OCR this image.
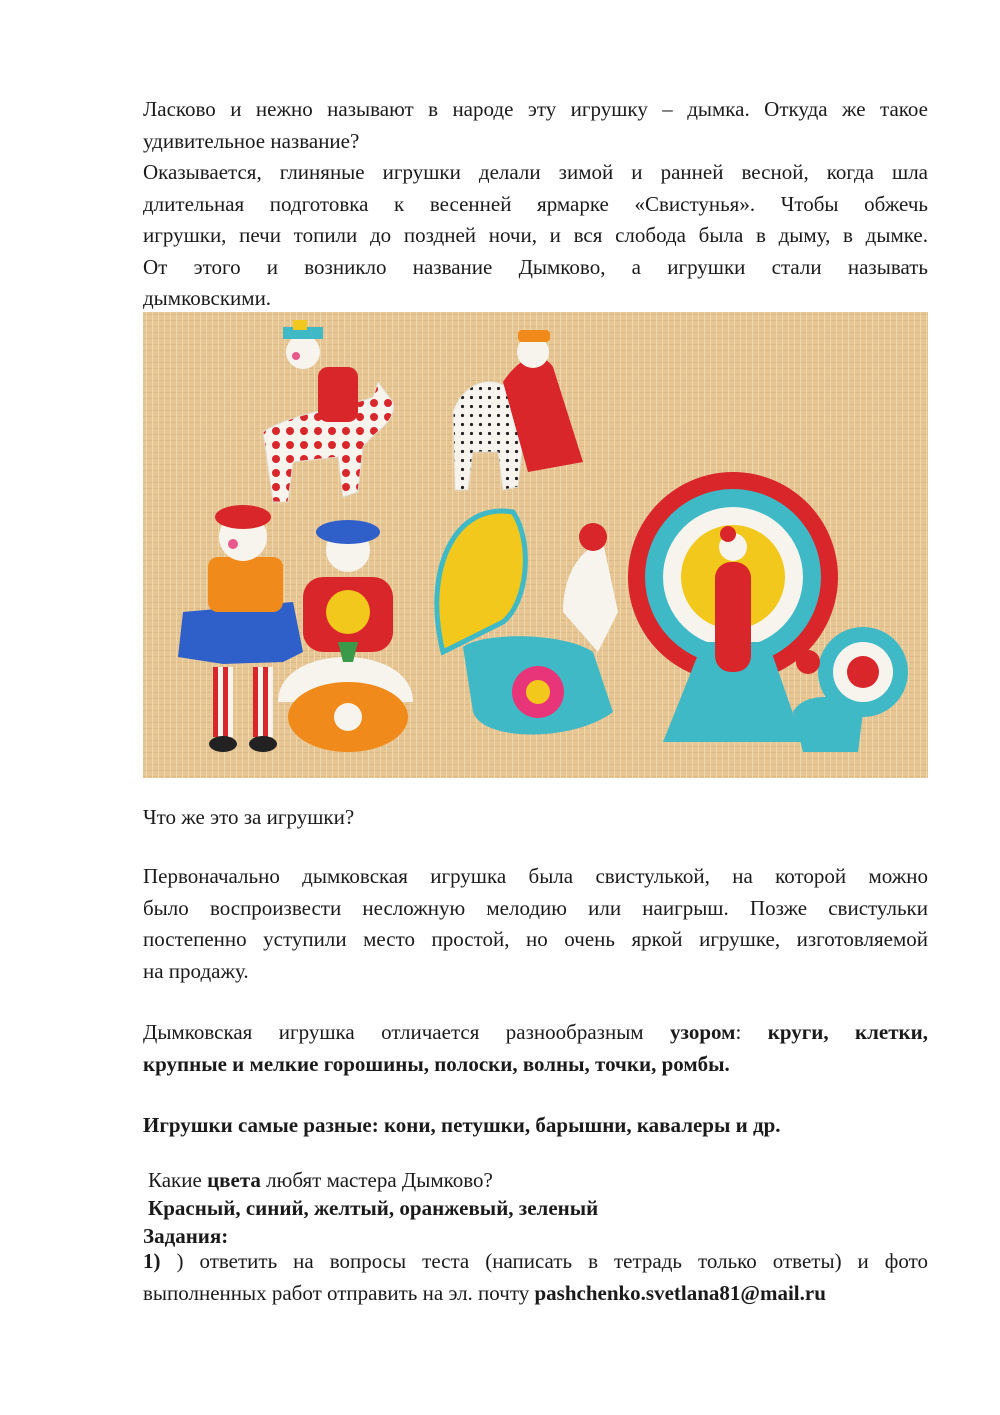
Ласково и нежно называют в народе эту игрушку – дымка. Откуда же такое
удивительное название?
Оказывается, глиняные игрушки делали зимой и ранней весной, когда шла
длительная подготовка к весенней ярмарке «Свистунья». Чтобы обжечь
игрушки, печи топили до поздней ночи, и вся слобода была в дыму, в дымке.
От этого и возникло название Дымково, а игрушки стали называть
дымковскими.
Что же это за игрушки?
Первоначально дымковская игрушка была свистулькой, на которой можно
было воспроизвести несложную мелодию или наигрыш. Позже свистульки
постепенно уступили место простой, но очень яркой игрушке, изготовляемой
на продажу.
Дымковская игрушка отличается разнообразным узором: круги, клетки,
крупные и мелкие горошины, полоски, волны, точки, ромбы.
Игрушки самые разные: кони, петушки, барышни, кавалеры и др.
Какие цвета любят мастера Дымково?
Красный, синий, желтый, оранжевый, зеленый
Задания:
1) ) ответить на вопросы теста (написать в тетрадь только ответы) и фото
выполненных работ отправить на эл. почту pashchenko.svetlana81@mail.ru
